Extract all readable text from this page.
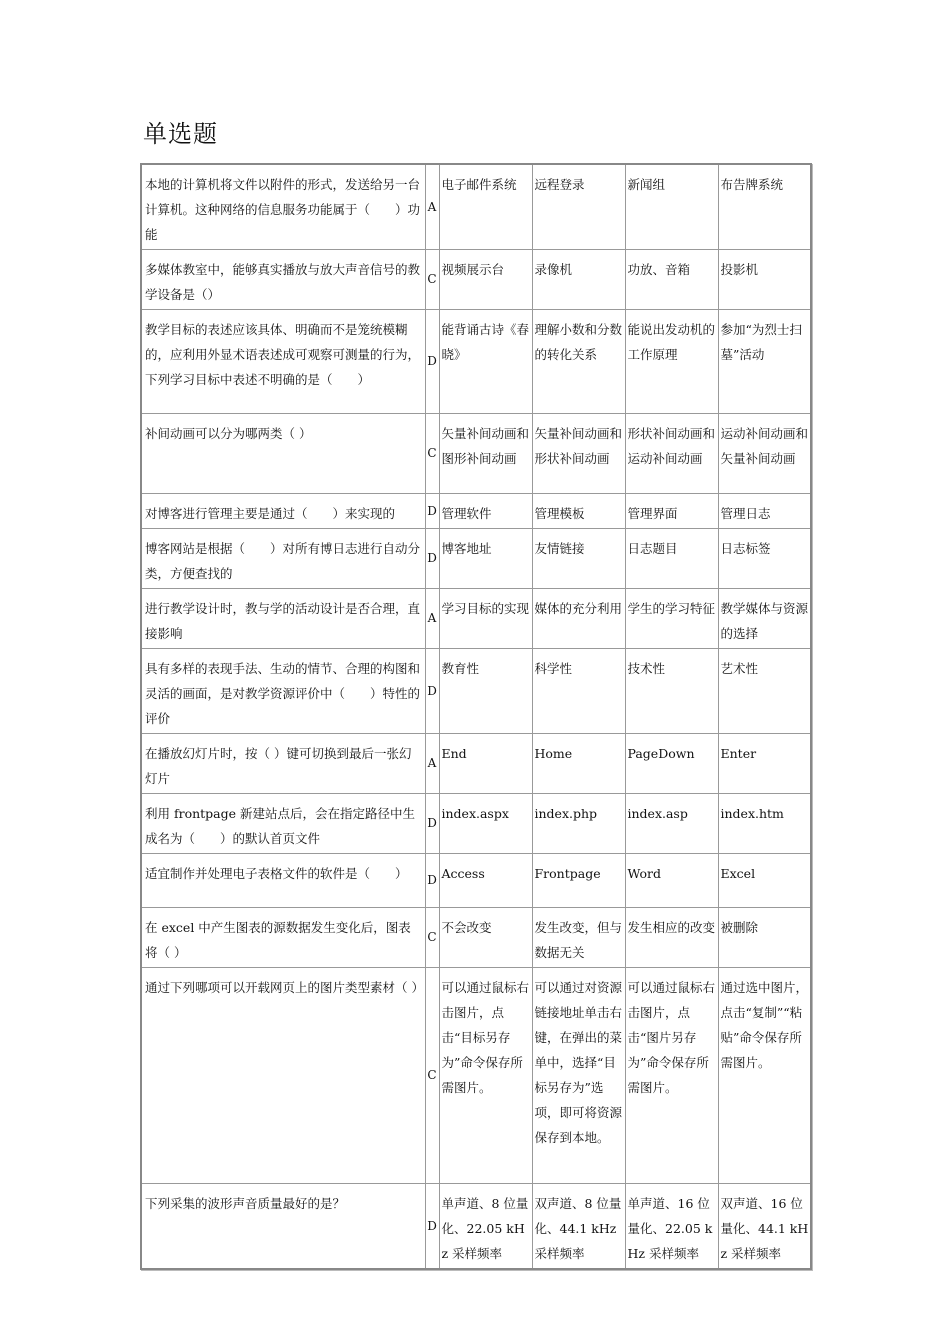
单选题
本地的计算机将文件以附件的形式，发送给另一台计算机。这种网络的信息服务功能属于（　　）功能	A	电子邮件系统	远程登录	新闻组	布告牌系统
多媒体教室中，能够真实播放与放大声音信号的教学设备是（）	C	视频展示台	录像机	功放、音箱	投影机
教学目标的表述应该具体、明确而不是笼统模糊的，应利用外显术语表述成可观察可测量的行为，下列学习目标中表述不明确的是（　　）	D	能背诵古诗《春晓》	理解小数和分数的转化关系	能说出发动机的工作原理	参加“为烈士扫墓”活动
补间动画可以分为哪两类（ ）	C	矢量补间动画和图形补间动画	矢量补间动画和形状补间动画	形状补间动画和运动补间动画	运动补间动画和矢量补间动画
对博客进行管理主要是通过（　　）来实现的	D	管理软件	管理模板	管理界面	管理日志
博客网站是根据（　　）对所有博日志进行自动分类，方便查找的	D	博客地址	友情链接	日志题目	日志标签
进行教学设计时，教与学的活动设计是否合理，直接影响	A	学习目标的实现	媒体的充分利用	学生的学习特征	教学媒体与资源的选择
具有多样的表现手法、生动的情节、合理的构图和灵活的画面，是对教学资源评价中（　　）特性的评价	D	教育性	科学性	技术性	艺术性
在播放幻灯片时，按（ ）键可切换到最后一张幻灯片	A	End	Home	PageDown	Enter
利用 frontpage 新建站点后，会在指定路径中生成名为（　　）的默认首页文件	D	index.aspx	index.php	index.asp	index.htm
适宜制作并处理电子表格文件的软件是（　　）	D	Access	Frontpage	Word	Excel
在 excel 中产生图表的源数据发生变化后，图表将（ ）	C	不会改变	发生改变，但与数据无关	发生相应的改变	被删除
通过下列哪项可以开载网页上的图片类型素材（ ）	C	可以通过鼠标右击图片，点击“目标另存为”命令保存所需图片。	可以通过对资源链接地址单击右键，在弹出的菜单中，选择“目标另存为”选项，即可将资源保存到本地。	可以通过鼠标右击图片，点击“图片另存为”命令保存所需图片。	通过选中图片，点击“复制”“粘贴”命令保存所需图片。
下列采集的波形声音质量最好的是？	D	单声道、8 位量化、22.05 kHz 采样频率	双声道、8 位量化、44.1 kHz 采样频率	单声道、16 位量化、22.05 kHz 采样频率	双声道、16 位量化、44.1 kHz 采样频率
